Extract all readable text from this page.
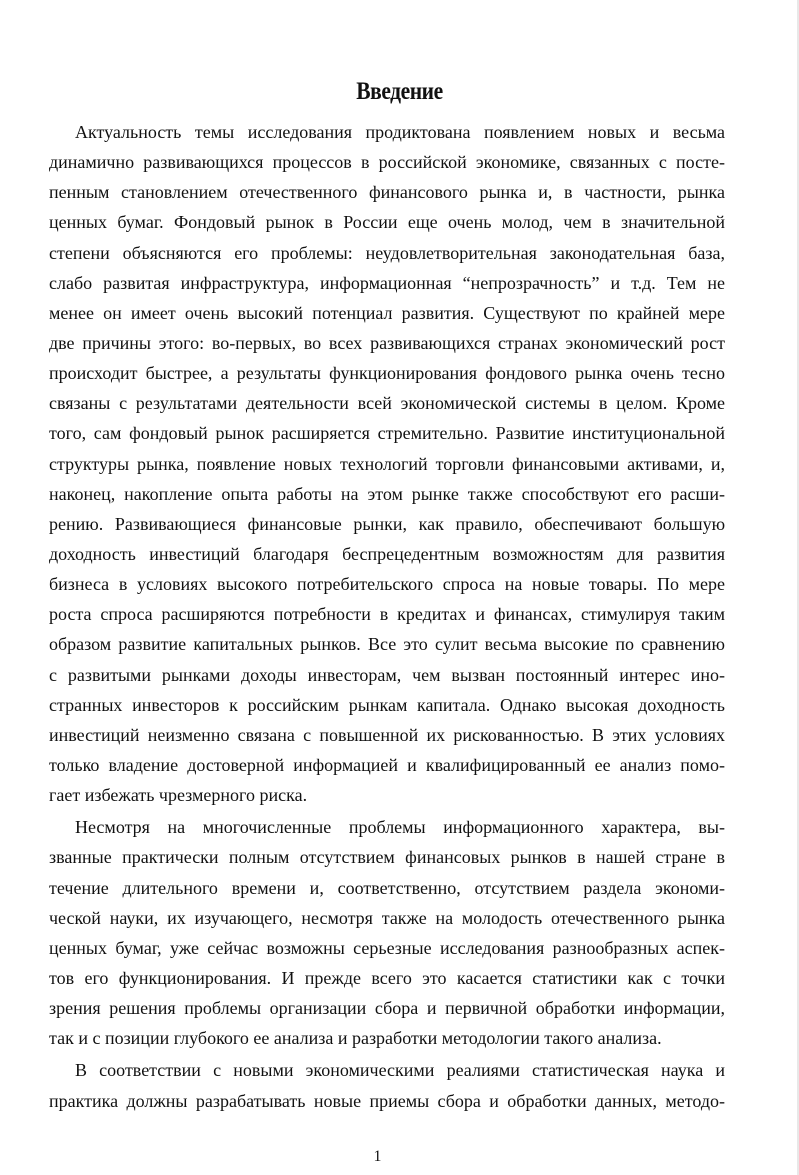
Введение
Актуальность темы исследования продиктована появлением новых и весьма
динамично развивающихся процессов в российской экономике, связанных с посте-
пенным становлением отечественного финансового рынка и, в частности, рынка
ценных бумаг. Фондовый рынок в России еще очень молод, чем в значительной
степени объясняются его проблемы: неудовлетворительная законодательная база,
слабо развитая инфраструктура, информационная “непрозрачность” и т.д. Тем не
менее он имеет очень высокий потенциал развития. Существуют по крайней мере
две причины этого: во-первых, во всех развивающихся странах экономический рост
происходит быстрее, а результаты функционирования фондового рынка очень тесно
связаны с результатами деятельности всей экономической системы в целом. Кроме
того, сам фондовый рынок расширяется стремительно. Развитие институциональной
структуры рынка, появление новых технологий торговли финансовыми активами, и,
наконец, накопление опыта работы на этом рынке также способствуют его расши-
рению. Развивающиеся финансовые рынки, как правило, обеспечивают большую
доходность инвестиций благодаря беспрецедентным возможностям для развития
бизнеса в условиях высокого потребительского спроса на новые товары. По мере
роста спроса расширяются потребности в кредитах и финансах, стимулируя таким
образом развитие капитальных рынков. Все это сулит весьма высокие по сравнению
с развитыми рынками доходы инвесторам, чем вызван постоянный интерес ино-
странных инвесторов к российским рынкам капитала. Однако высокая доходность
инвестиций неизменно связана с повышенной их рискованностью. В этих условиях
только владение достоверной информацией и квалифицированный ее анализ помо-
гает избежать чрезмерного риска.
Несмотря на многочисленные проблемы информационного характера, вы-
званные практически полным отсутствием финансовых рынков в нашей стране в
течение длительного времени и, соответственно, отсутствием раздела экономи-
ческой науки, их изучающего, несмотря также на молодость отечественного рынка
ценных бумаг, уже сейчас возможны серьезные исследования разнообразных аспек-
тов его функционирования. И прежде всего это касается статистики как с точки
зрения решения проблемы организации сбора и первичной обработки информации,
так и с позиции глубокого ее анализа и разработки методологии такого анализа.
В соответствии с новыми экономическими реалиями статистическая наука и
практика должны разрабатывать новые приемы сбора и обработки данных, методо-
1
